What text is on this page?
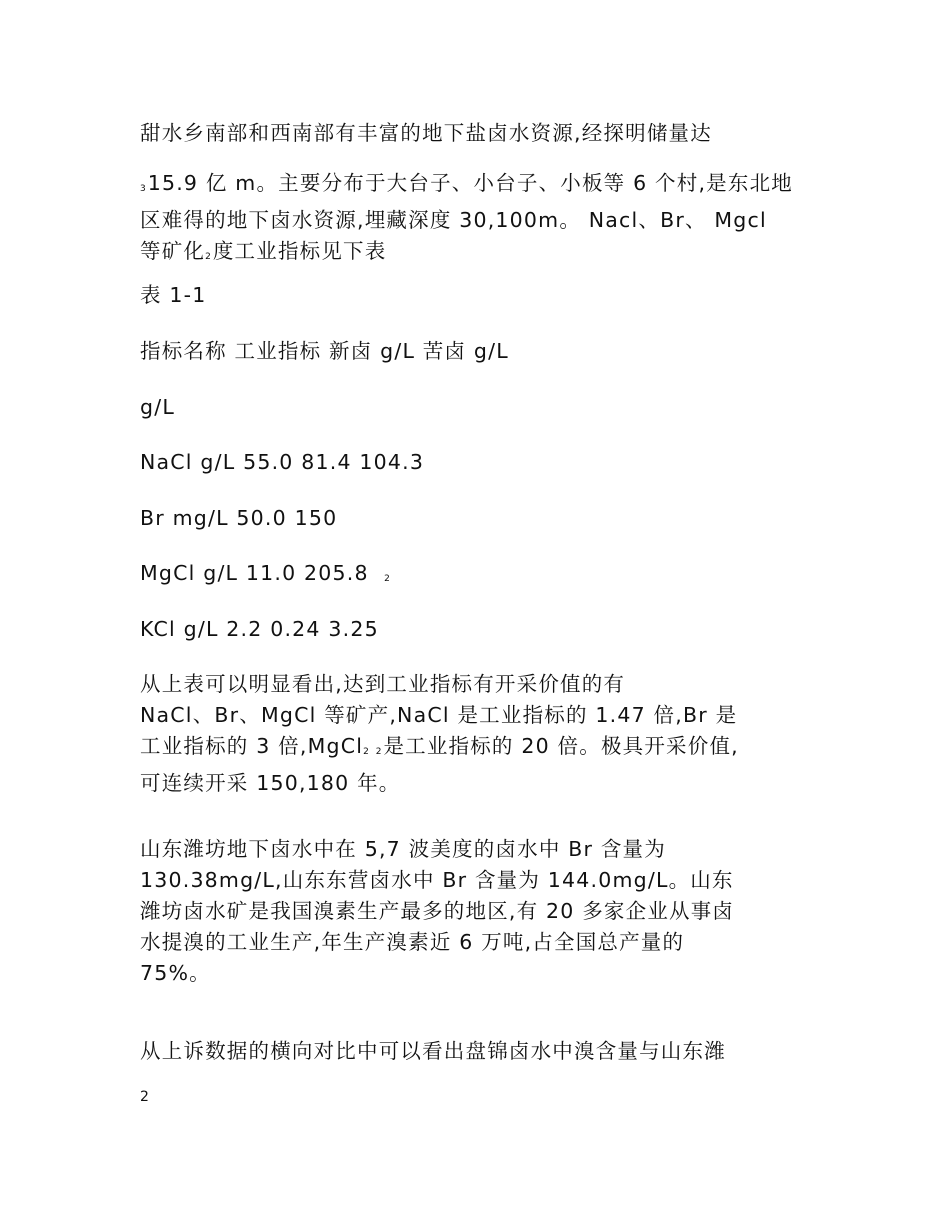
甜水乡南部和西南部有丰富的地下盐卤水资源,经探明储量达

315.9 亿 m。主要分布于大台子、小台子、小板等 6 个村,是东北地
区难得的地下卤水资源,埋藏深度 30,100m。 Nacl、Br、 Mgcl
等矿化2度工业指标见下表

表 1-1

指标名称 工业指标 新卤 g/L 苦卤 g/L

g/L

NaCl g/L 55.0 81.4 104.3

Br mg/L 50.0 150

MgCl g/L 11.0 205.8 2

KCl g/L 2.2 0.24 3.25

从上表可以明显看出,达到工业指标有开采价值的有
NaCl、Br、MgCl 等矿产,NaCl 是工业指标的 1.47 倍,Br 是
工业指标的 3 倍,MgCl2 2是工业指标的 20 倍。极具开采价值,
可连续开采 150,180 年。

山东潍坊地下卤水中在 5,7 波美度的卤水中 Br 含量为
130.38mg/L,山东东营卤水中 Br 含量为 144.0mg/L。山东
潍坊卤水矿是我国溴素生产最多的地区,有 20 多家企业从事卤
水提溴的工业生产,年生产溴素近 6 万吨,占全国总产量的
75%。

从上诉数据的横向对比中可以看出盘锦卤水中溴含量与山东潍

2
